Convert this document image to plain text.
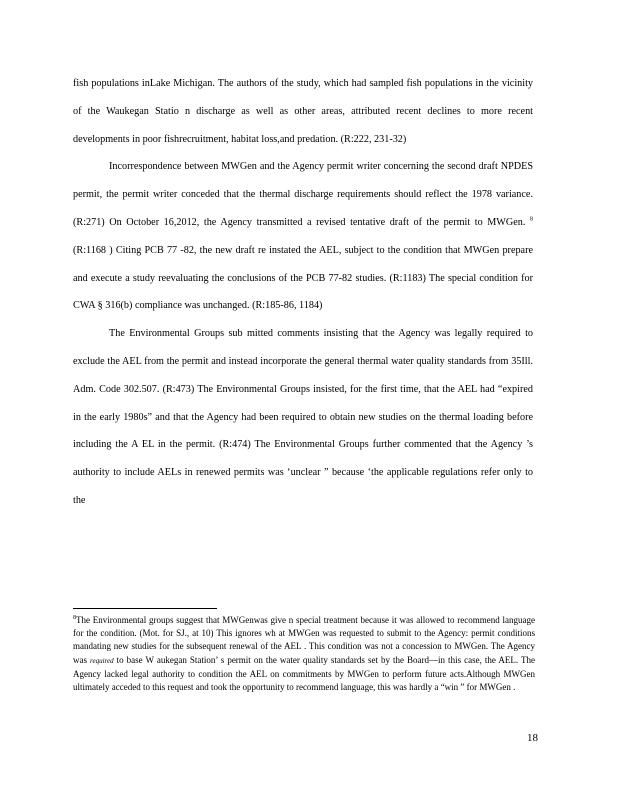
fish populations inLake Michigan. The authors of the study, which had sampled fish populations in the vicinity of the Waukegan Statio n discharge as well as other areas, attributed recent declines to more recent developments in poor fishrecruitment, habitat loss,and predation. (R:222, 231-32)

Incorrespondence between MWGen and the Agency permit writer concerning the second draft NPDES permit, the permit writer conceded that the thermal discharge requirements should reflect the 1978 variance. (R:271) On October 16,2012, the Agency transmitted a revised tentative draft of the permit to MWGen. $^8$ (R:1168 ) Citing PCB 77 -82, the new draft re instated the AEL, subject to the condition that MWGen prepare and execute a study reevaluating the conclusions of the PCB 77-82 studies. (R:1183) The special condition for CWA § 316(b) compliance was unchanged. (R:185-86, 1184)

The Environmental Groups sub mitted comments insisting that the Agency was legally required to exclude the AEL from the permit and instead incorporate the general thermal water quality standards from 35Ill. Adm. Code 302.507. (R:473) The Environmental Groups insisted, for the first time, that the AEL had “expired in the early 1980s” and that the Agency had been required to obtain new studies on the thermal loading before including the A EL in the permit. (R:474) The Environmental Groups further commented that the Agency ’s authority to include AELs in renewed permits was ‘unclear ” because ‘the applicable regulations refer only to the

$^8$The Environmental groups suggest that MWGenwas give n special treatment because it was allowed to recommend language for the condition. (Mot. for SJ., at 10) This ignores wh at MWGen was requested to submit to the Agency: permit conditions mandating new studies for the subsequent renewal of the AEL . This condition was not a concession to MWGen. The Agency was required to base W aukegan Station’ s permit on the water quality standards set by the Board—in this case, the AEL. The Agency lacked legal authority to condition the AEL on commitments by MWGen to perform future acts.Although MWGen ultimately acceded to this request and took the opportunity to recommend language, this was hardly a “win ” for MWGen .
18
